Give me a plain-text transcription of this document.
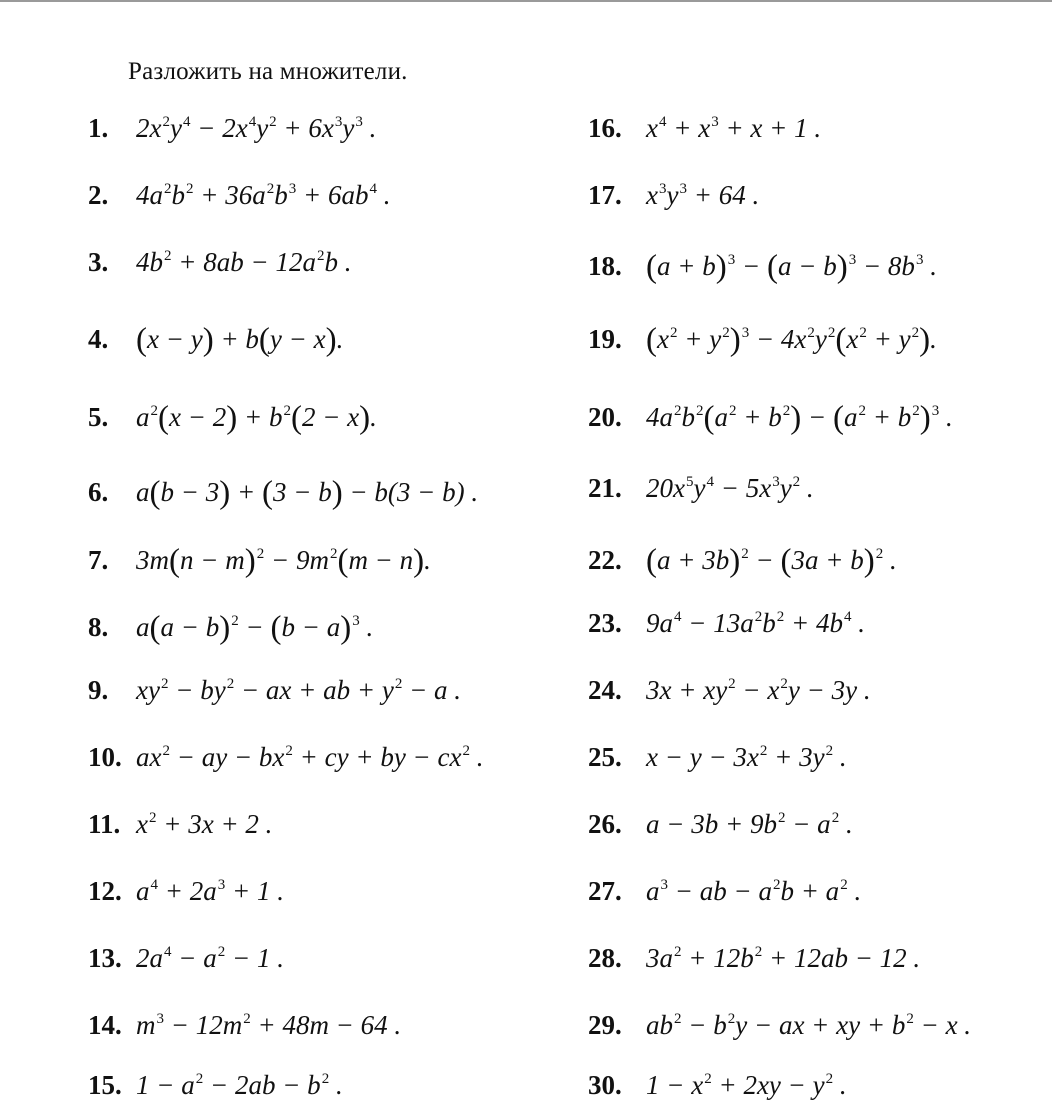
Разложить на множители.
1. $2x^2y^4 - 2x^4y^2 + 6x^3y^3$ .
2. $4a^2b^2 + 36a^2b^3 + 6ab^4$ .
3. $4b^2 + 8ab - 12a^2b$ .
4. (x − y) + b(y − x).
5. $a^2(x - 2) + b^2(2 - x)$.
6. a(b − 3) + (3 − b) − b(3 − b) .
7. $3m(n - m)^2 - 9m^2(m - n)$.
8. $a(a - b)^2 - (b - a)^3$ .
9. $xy^2 - by^2$ − ax + ab + $y^2 - a$ .
10. $ax^2$ − ay − $bx^2$ + cy + by − $cx^2$ .
11. $x^2 + 3x + 2$ .
12. $a^4 + 2a^3 + 1$ .
13. $2a^4 - a^2 - 1$ .
14. $m^3 - 12m^2 + 48m - 64$ .
15. $1 - a^2 - 2ab - b^2$ .
16. $x^4 + x^3 + x + 1$ .
17. $x^3y^3 + 64$ .
18. $(a + b)^3 - (a - b)^3 - 8b^3$ .
19. $(x^2 + y^2)^3 - 4x^2y^2(x^2 + y^2)$.
20. $4a^2b^2(a^2 + b^2) - (a^2 + b^2)^3$ .
21. $20x^5y^4 - 5x^3y^2$ .
22. $(a + 3b)^2 - (3a + b)^2$ .
23. $9a^4 - 13a^2b^2 + 4b^4$ .
24. $3x + xy^2 - x^2y - 3y$ .
25. $x - y - 3x^2 + 3y^2$ .
26. $a - 3b + 9b^2 - a^2$ .
27. $a^3$ − ab − $a^2b + a^2$ .
28. $3a^2 + 12b^2 + 12ab - 12$ .
29. $ab^2 - b^2y$ − ax + xy + $b^2 - x$ .
30. $1 - x^2 + 2xy - y^2$ .
